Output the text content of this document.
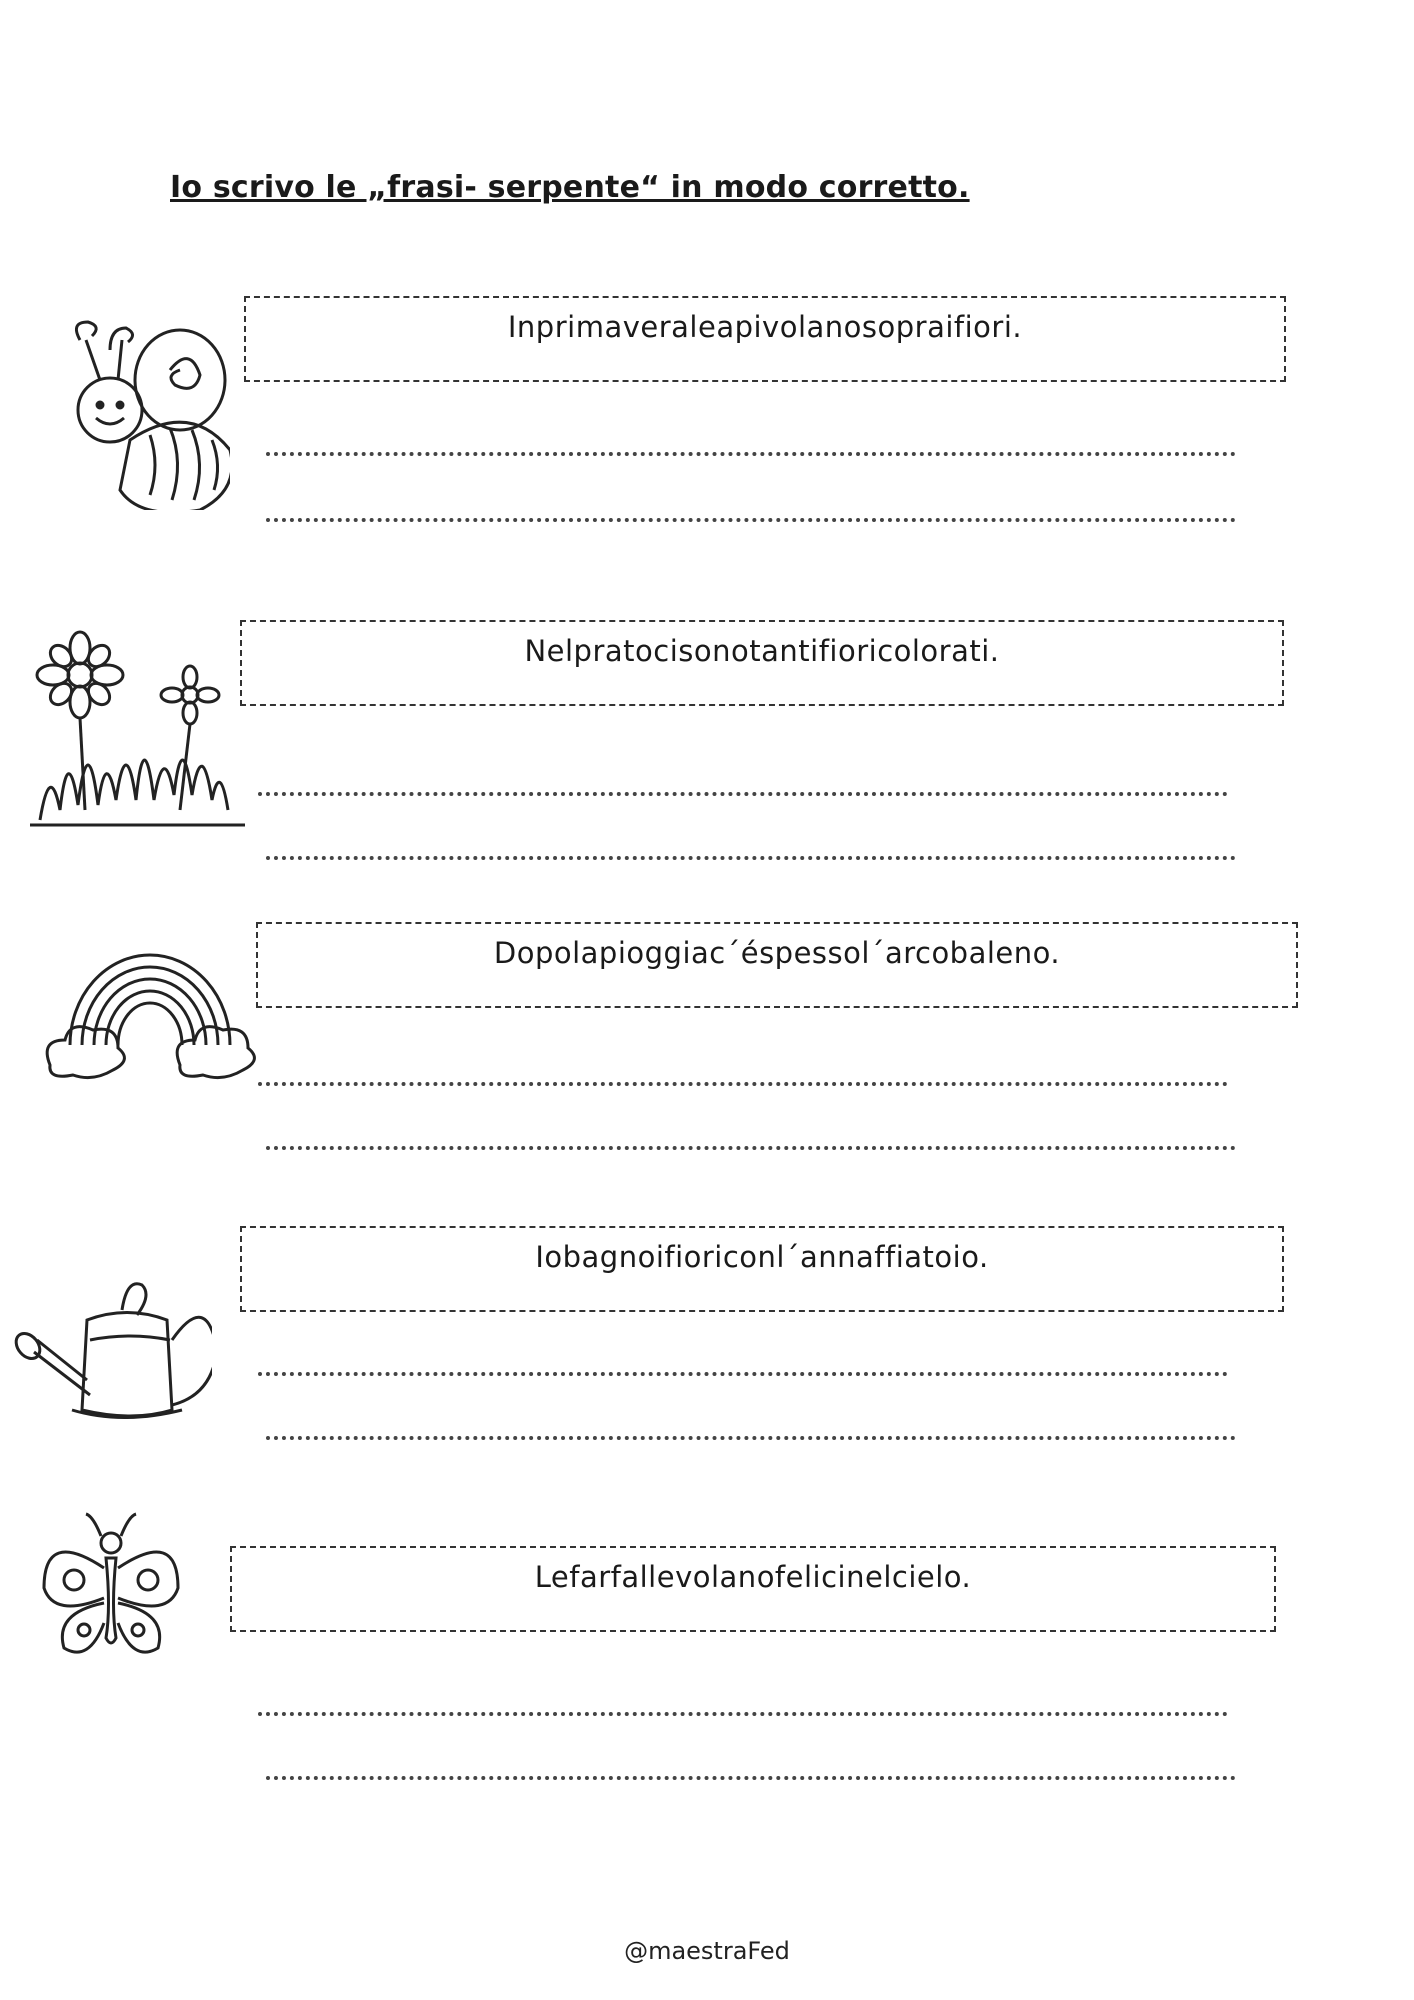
Io scrivo le „frasi- serpente“ in modo corretto.
Inprimaveraleapivolanosopraifiori.
Nelpratocisonotantifioricolorati.
Dopolapioggiac´éspessol´arcobaleno.
Iobagnoifioriconl´annaffiatoio.
Lefarfallevolanofelicinelcielo.
@maestraFed
